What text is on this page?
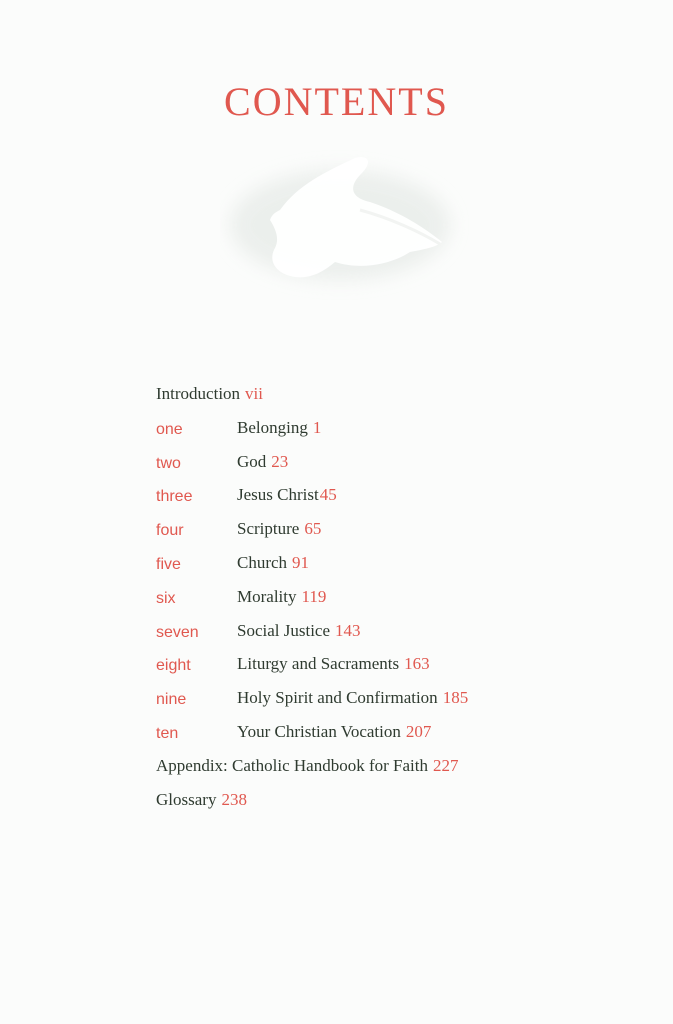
CONTENTS
Introduction vii
one	Belonging 1
two	God 23
three	Jesus Christ45
four	Scripture 65
five	Church 91
six	Morality 119
seven Social Justice 143
eight	Liturgy and Sacraments 163
nine	Holy Spirit and Confirmation 185
ten	Your Christian Vocation 207
Appendix: Catholic Handbook for Faith 227
Glossary 238
